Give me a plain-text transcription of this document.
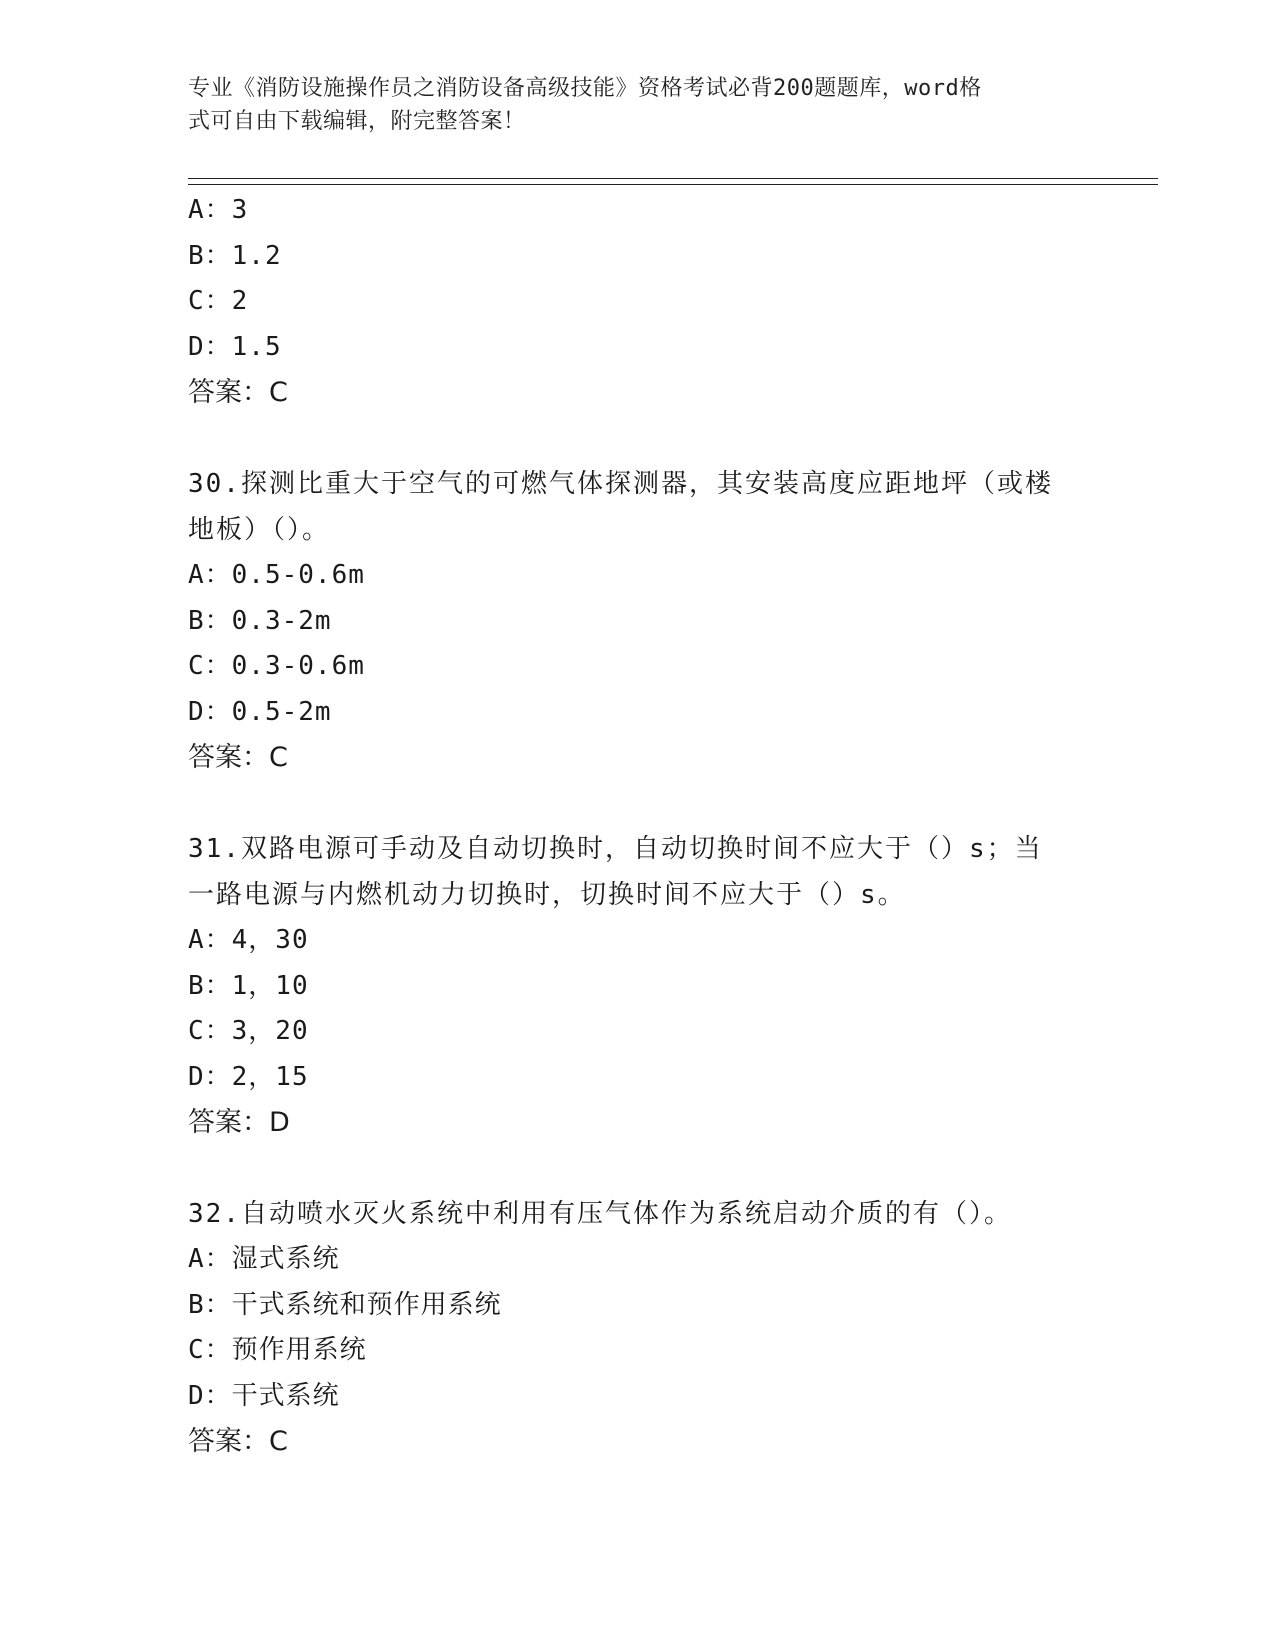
专业《消防设施操作员之消防设备高级技能》资格考试必背200题题库，word格
式可自由下载编辑，附完整答案！
A：3
B：1.2
C：2
D：1.5
答案：C
30.探测比重大于空气的可燃气体探测器，其安装高度应距地坪（或楼
地板）（）。
A：0.5-0.6m
B：0.3-2m
C：0.3-0.6m
D：0.5-2m
答案：C
31.双路电源可手动及自动切换时，自动切换时间不应大于（）s；当
一路电源与内燃机动力切换时，切换时间不应大于（）s。
A：4，30
B：1，10
C：3，20
D：2，15
答案：D
32.自动喷水灭火系统中利用有压气体作为系统启动介质的有（）。
A：湿式系统
B：干式系统和预作用系统
C：预作用系统
D：干式系统
答案：C
